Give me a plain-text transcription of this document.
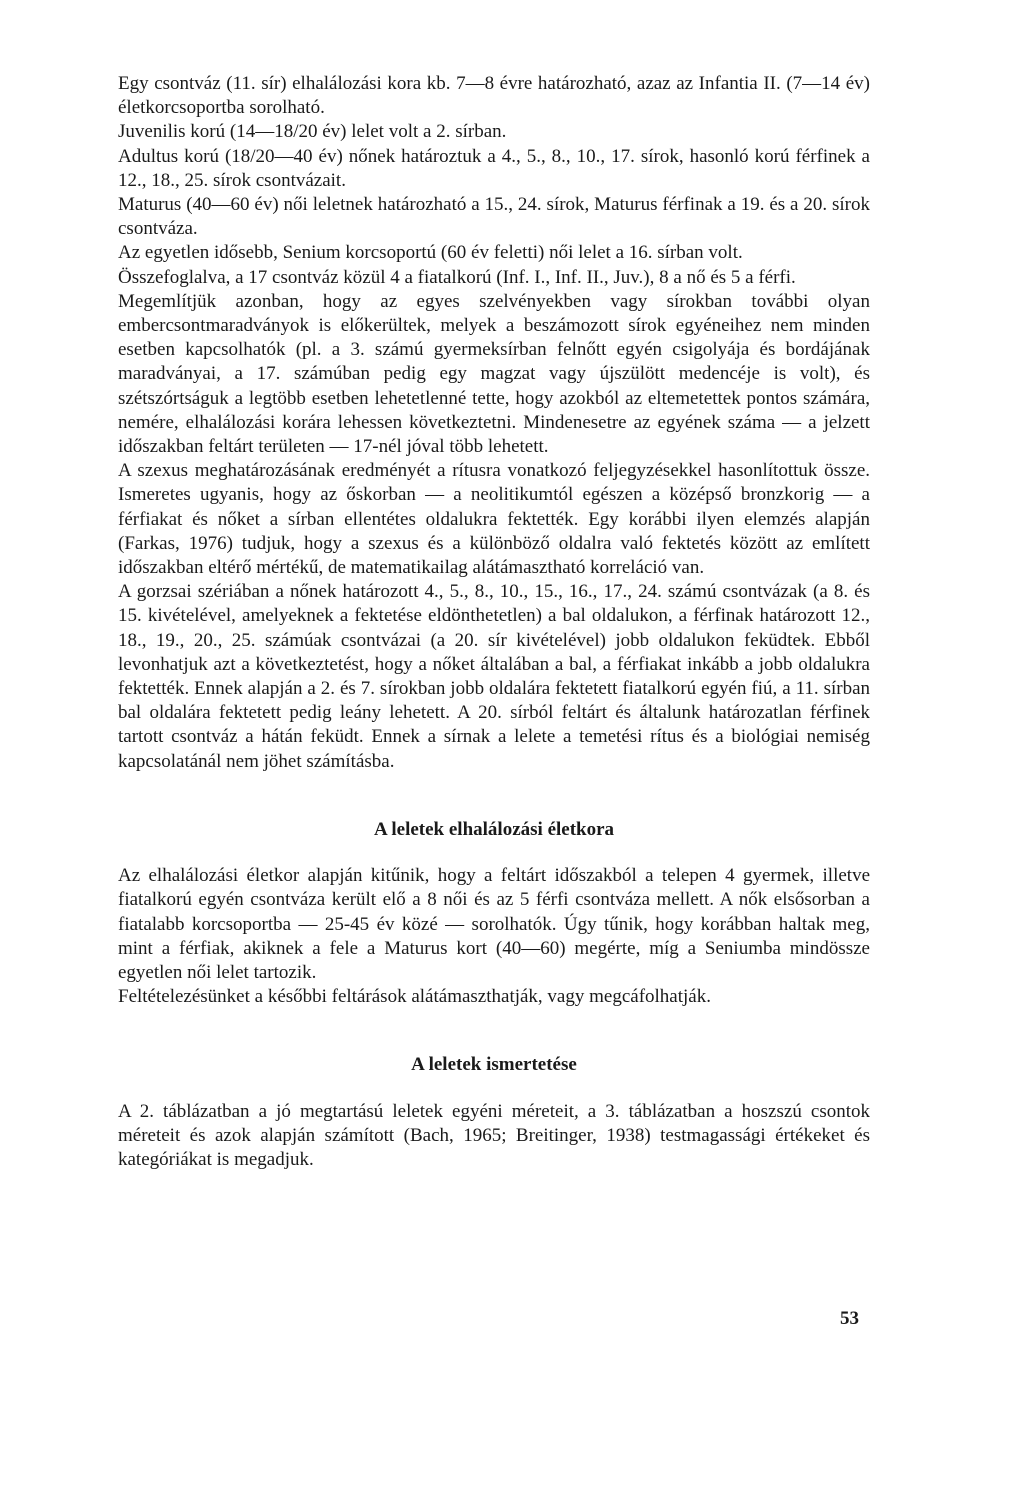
Egy csontváz (11. sír) elhalálozási kora kb. 7—8 évre határozható, azaz az Infantia II. (7—14 év) életkorcsoportba sorolható.

Juvenilis korú (14—18/20 év) lelet volt a 2. sírban.

Adultus korú (18/20—40 év) nőnek határoztuk a 4., 5., 8., 10., 17. sírok, hasonló korú férfinek a 12., 18., 25. sírok csontvázait.

Maturus (40—60 év) női leletnek határozható a 15., 24. sírok, Maturus férfinak a 19. és a 20. sírok csontváza.

Az egyetlen idősebb, Senium korcsoportú (60 év feletti) női lelet a 16. sírban volt.

Összefoglalva, a 17 csontváz közül 4 a fiatalkorú (Inf. I., Inf. II., Juv.), 8 a nő és 5 a férfi.

Megemlítjük azonban, hogy az egyes szelvényekben vagy sírokban további olyan embercsontmaradványok is előkerültek, melyek a beszámozott sírok egyéneihez nem minden esetben kapcsolhatók (pl. a 3. számú gyermeksírban felnőtt egyén csigolyája és bordájának maradványai, a 17. számúban pedig egy magzat vagy újszülött medencéje is volt), és szétszórtságuk a legtöbb esetben lehetetlenné tette, hogy azokból az eltemetettek pontos számára, nemére, elhalálozási korára lehessen következtetni. Mindenesetre az egyének száma — a jelzett időszakban feltárt területen — 17-nél jóval több lehetett.

A szexus meghatározásának eredményét a rítusra vonatkozó feljegyzésekkel hasonlítottuk össze. Ismeretes ugyanis, hogy az őskorban — a neolitikumtól egészen a középső bronzkorig — a férfiakat és nőket a sírban ellentétes oldalukra fektették. Egy korábbi ilyen elemzés alapján (Farkas, 1976) tudjuk, hogy a szexus és a különböző oldalra való fektetés között az említett időszakban eltérő mértékű, de matematikailag alátámasztható korreláció van.

A gorzsai szériában a nőnek határozott 4., 5., 8., 10., 15., 16., 17., 24. számú csontvázak (a 8. és 15. kivételével, amelyeknek a fektetése eldönthetetlen) a bal oldalukon, a férfinak határozott 12., 18., 19., 20., 25. számúak csontvázai (a 20. sír kivételével) jobb oldalukon feküdtek. Ebből levonhatjuk azt a következtetést, hogy a nőket általában a bal, a férfiakat inkább a jobb oldalukra fektették. Ennek alapján a 2. és 7. sírokban jobb oldalára fektetett fiatalkorú egyén fiú, a 11. sírban bal oldalára fektetett pedig leány lehetett. A 20. sírból feltárt és általunk határozatlan férfinek tartott csontváz a hátán feküdt. Ennek a sírnak a lelete a temetési rítus és a biológiai nemiség kapcsolatánál nem jöhet számításba.

A leletek elhalálozási életkora

Az elhalálozási életkor alapján kitűnik, hogy a feltárt időszakból a telepen 4 gyermek, illetve fiatalkorú egyén csontváza került elő a 8 női és az 5 férfi csontváza mellett. A nők elsősorban a fiatalabb korcsoportba — 25-45 év közé — sorolhatók. Úgy tűnik, hogy korábban haltak meg, mint a férfiak, akiknek a fele a Maturus kort (40—60) megérte, míg a Seniumba mindössze egyetlen női lelet tartozik.

Feltételezésünket a későbbi feltárások alátámaszthatják, vagy megcáfolhatják.

A leletek ismertetése

A 2. táblázatban a jó megtartású leletek egyéni méreteit, a 3. táblázatban a hoszszú csontok méreteit és azok alapján számított (Bach, 1965; Breitinger, 1938) testmagassági értékeket és kategóriákat is megadjuk.

53
